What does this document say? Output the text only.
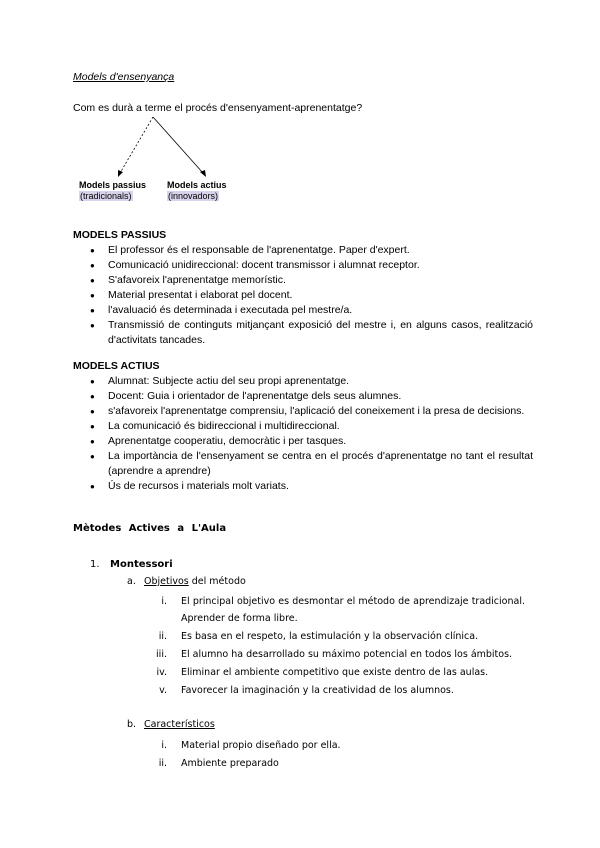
Models d'ensenyança
Com es durà a terme el procés d'ensenyament-aprenentatge?
Models passius
(tradicionals)
Models actius
(innovadors)
MODELS PASSIUS
● El professor és el responsable de l'aprenentatge. Paper d'expert.
● Comunicació unidireccional: docent transmissor i alumnat receptor.
● S'afavoreix l'aprenentatge memorístic.
● Material presentat i elaborat pel docent.
● l'avaluació és determinada i executada pel mestre/a.
● Transmissió de continguts mitjançant exposició del mestre i, en alguns casos, realització d'activitats tancades.
MODELS ACTIUS
● Alumnat: Subjecte actiu del seu propi aprenentatge.
● Docent: Guia i orientador de l'aprenentatge dels seus alumnes.
● s'afavoreix l'aprenentatge comprensiu, l'aplicació del coneixement i la presa de decisions.
● La comunicació és bidireccional i multidireccional.
● Aprenentatge cooperatiu, democràtic i per tasques.
● La importància de l'ensenyament se centra en el procés d'aprenentatge no tant el resultat (aprendre a aprendre)
● Ús de recursos i materials molt variats.
Mètodes Actives a L'Aula
1. Montessori
a. Objetivos del método
i. El principal objetivo es desmontar el método de aprendizaje tradicional. Aprender de forma libre.
ii. Es basa en el respeto, la estimulación y la observación clínica.
iii. El alumno ha desarrollado su máximo potencial en todos los ámbitos.
iv. Eliminar el ambiente competitivo que existe dentro de las aulas.
v. Favorecer la imaginación y la creatividad de los alumnos.
b. Característicos
i. Material propio diseñado por ella.
ii. Ambiente preparado
